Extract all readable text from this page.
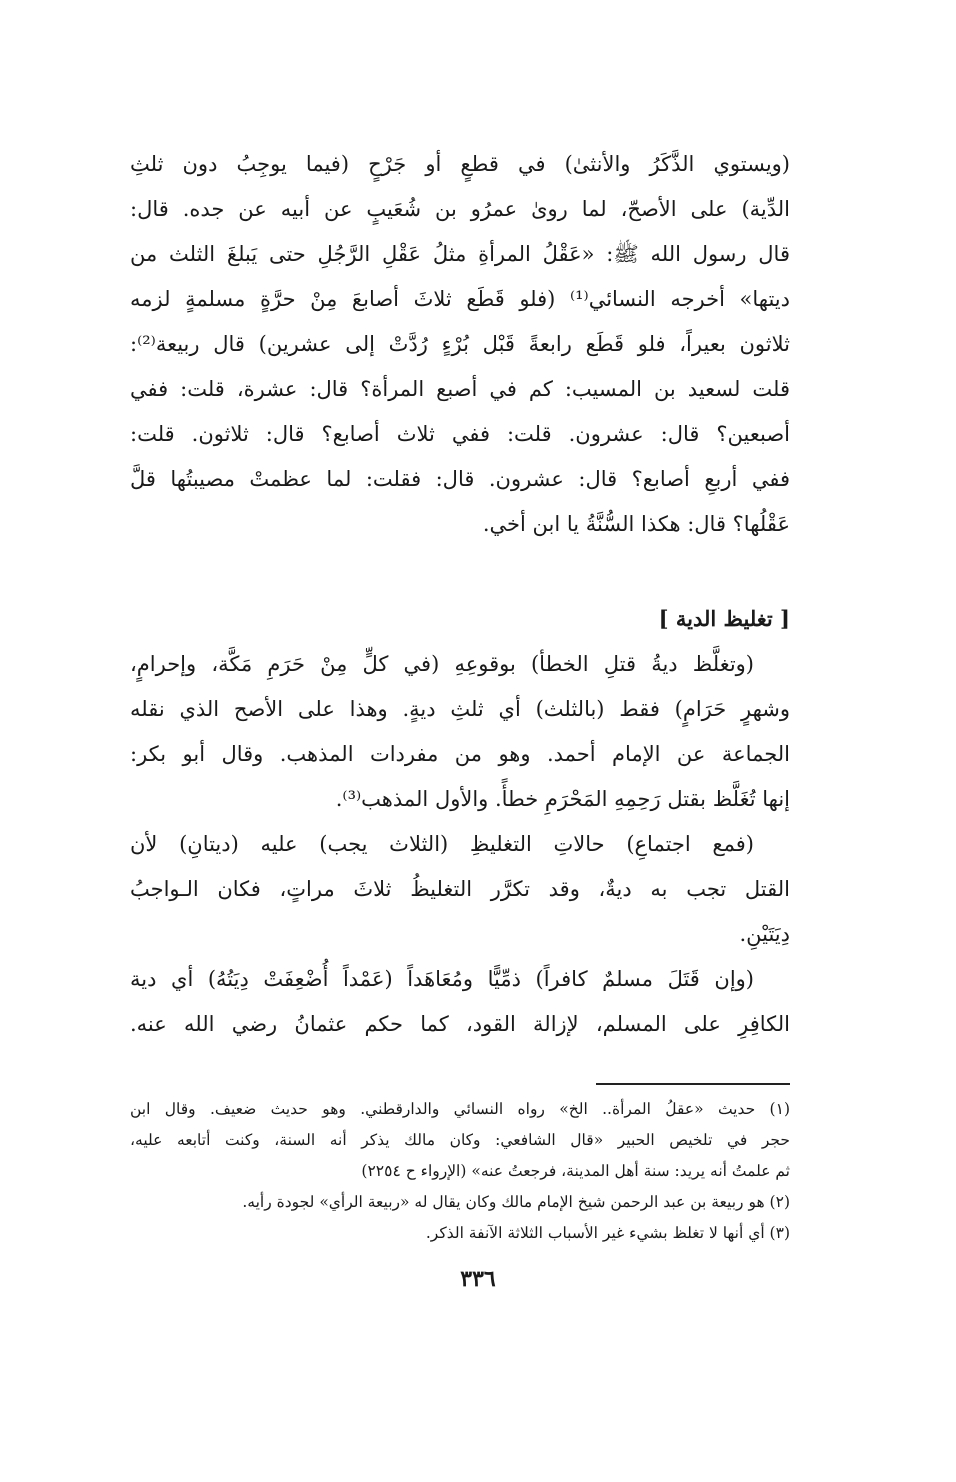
(ويستوي الذَّكَرُ والأنثىٰ) في قطعٍ أو جَرْحٍ (فيما يوجِبُ دون ثلثِ
الدِّية) على الأصحّ، لما روىٰ عمرُو بن شُعَيبٍ عن أبيه عن جده. قال:
قال رسول الله ﷺ: «عَقْلُ المرأةِ مثلُ عَقْلِ الرَّجُلِ حتى يَبلغَ الثلث من
ديتها» أخرجه النسائي⁽¹⁾ (فلو قَطَع ثلاثَ أصابعَ مِنْ حرَّةٍ مسلمةٍ لزمه
ثلاثون بعيراً، فلو قَطَع رابعةً قَبْل بُرْءٍ رُدَّتْ إلى عشرين) قال ربيعة⁽²⁾:
قلت لسعيد بن المسيب: كم في أصبع المرأة؟ قال: عشرة، قلت: ففي
أصبعين؟ قال: عشرون. قلت: ففي ثلاث أصابع؟ قال: ثلاثون. قلت:
ففي أربعِ أصابع؟ قال: عشرون. قال: فقلت: لما عظمتْ مصيبتُها قلَّ
عَقْلُها؟ قال: هكذا السُّنَّةُ يا ابن أخي.
[ تغليظ الدية ]
(وتغلَّظ ديةُ قتلِ الخطأ) بوقوعِهِ (في كلٍّ مِنْ حَرَمِ مَكَّة، وإحرامٍ،
وشهرٍ حَرَامٍ) فقط (بالثلث) أي ثلثِ ديةٍ. وهذا على الأصح الذي نقله
الجماعة عن الإمام أحمد. وهو من مفردات المذهب. وقال أبو بكر:
إنها تُغَلَّظ بقتل رَحِمِهِ المَحْرَمِ خطأً. والأول المذهب⁽³⁾.
(فمع اجتماعِ) حالاتِ التغليظِ (الثلاث يجب) عليه (ديتانِ) لأن
القتل تجب به ديةٌ، وقد تكرَّر التغليظُ ثلاثَ مراتٍ، فكان الـواجبُ
دِيَتَيْنِ.
(وإن قَتَلَ مسلمٌ كافراً) ذمِّيًّا ومُعَاهَداً (عَمْداً أُضْعِفَتْ دِيَتُهُ) أي دية
الكافِرِ على المسلم، لإزالة القود، كما حكم عثمانُ رضي الله عنه.
(١) حديث «عقلُ المرأة.. الخ» رواه النسائي والدارقطني. وهو حديث ضعيف. وقال ابن
حجر في تلخيص الحبير «قال الشافعي: وكان مالك يذكر أنه السنة، وكنت أتابعه عليه،
ثم علمتُ أنه يريد: سنة أهل المدينة، فرجعتُ عنه» (الإرواء ح ٢٢٥٤)
(٢) هو ربيعة بن عبد الرحمن شيخ الإمام مالك وكان يقال له «ربيعة الرأي» لجودة رأيه.
(٣) أي أنها لا تغلظ بشيء غير الأسباب الثلاثة الآنفة الذكر.
٣٣٦
